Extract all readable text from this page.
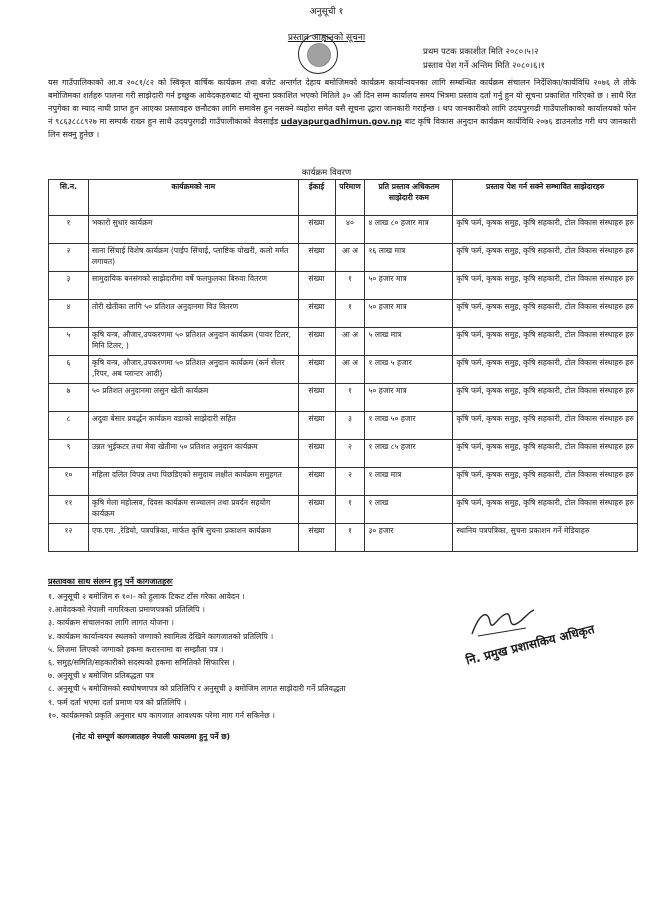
अनुसूची १
प्रस्ताव आह्वानको सूचना
प्रथम पटक प्रकाशीत मिति २०८०।५।२
प्रस्ताव पेश गर्ने अन्तिम मिति २०८०।६।१
यस गाउँपालिकाको आ.व २०८१/८२ को स्विकृत वार्षिक कार्यक्रम तथा बजेट अन्तर्गत देहाय बमोजिमको कार्यक्रम कार्यान्वयनका लागि सम्बन्धित कार्यक्रम संचालन निर्देशिका/कार्यविधि २०७६ ले तोके बमोजिमका शर्तहरु पालना गरी साझेदारी गर्न इच्छुक आवेदकहरुबाट यो सूचना प्रकाशित भएको मितिले ३० औं दिन सम्म कार्यालय समय भित्रमा प्रस्ताव दर्ता गर्नु हुन यो सूचना प्रकाशित गरिएको छ । साथै रित नपुगेका वा म्याद नाघी प्राप्त हुन आएका प्रस्तावहरु छनौटका लागि समावेस हुन नसक्ने व्यहोरा समेत यसै सूचना द्धारा जानकारी गराईन्छ । थप जानकारीको लागि उदयपुरगढी गाउँपालीकाको कार्यालयको फोन नं ९८६३८८८९२७ मा सम्पर्क राख्न हुन साथै उदयपुरगढी गाउँपालीकाको वेवसाईड udayapurgadhimun.gov.np बाट कृषि विकास अनुदान कार्यक्रम कार्यविधि २०७६ डाउनलोड गरी थप जानकारी लिन सक्नु हुनेछ ।
कार्यक्रम विवरण
सि.न.	कार्यक्रमको नाम	ईकाई	परिमाण	प्रति प्रस्ताव अधिकतम साझेदारी रकम	प्रस्ताव पेश गर्न सक्ने सम्भावित साझेदारहरु
१	भकारो सुधार कार्यक्रम	संख्या	४०	४ लाख ८० हजार मात्र	कृषि फर्म, कृषक समुह, कृषि सहकारी, टोल विकास संस्थाहरु हरु
२	साना सिंचाई विशेष कार्यक्रम (पाईप सिंचाई, प्लाष्टिक पोखरी, कलो मर्मत लगायत)	संख्या	आ अ	१६ लाख मात्र	कृषि फर्म, कृषक समुह, कृषि सहकारी, टोल विकास संस्थाहरु हरु
३	सामुदायिक बनसंगको साझेदारीमा वर्षे फलफुलका बिरुवा वितरण	संख्या	१	५० हजार मात्र	कृषि फर्म, कृषक समुह, कृषि सहकारी, टोल विकास संस्थाहरु हरु
४	तोरी खेतीका लागि ५० प्रतिशत अनुदानमा विउ वितरण	संख्या	१	५० हजार मात्र	कृषि फर्म, कृषक समुह, कृषि सहकारी, टोल विकास संस्थाहरु हरु
५	कृषि यन्त्र, औजार,उपकरणमा ५० प्रतिशत अनुदान कार्यक्रम (पावर टिलर, मिनि टिलर, )	संख्या	आ अ	५ लाख मात्र	कृषि फर्म, कृषक समुह, कृषि सहकारी, टोल विकास संस्थाहरु हरु
६	कृषि यन्त्र, औजार,उपकरणमा ५० प्रतिशत अनुदान कार्यक्रम (कर्न सेलर ,रिपर, अब प्लान्टर आदी)	संख्या	आ अ	१ लाख ५ हजार	कृषि फर्म, कृषक समुह, कृषि सहकारी, टोल विकास संस्थाहरु हरु
७	५० प्रतिशत अनुदानमा लसुन खेती कार्यक्रम	संख्या	१	५० हजार मात्र	कृषि फर्म, कृषक समुह, कृषि सहकारी, टोल विकास संस्थाहरु हरु
८	अदुवा बेसार प्रवर्द्धन कार्यक्रम वडाको साझेदारी सहित	संख्या	३	१ लाख ५० हजार	कृषि फर्म, कृषक समुह, कृषि सहकारी, टोल विकास संस्थाहरु हरु
९	उन्नत भुईकटर तथा मेवा खेतीमा ५० प्रतिशत अनुदान कार्यक्रम	संख्या	२	१ लाख ८५ हजार	कृषि फर्म, कृषक समुह, कृषि सहकारी, टोल विकास संस्थाहरु हरु
१०	महिला दलित विपन्न तथा पिछडिएको समुदाय लक्षीत कार्यक्रम समुहगत	संख्या	२	१ लाख मात्र	कृषि फर्म, कृषक समुह, कृषि सहकारी, टोल विकास संस्थाहरु हरु
११	कृषि मेला महोत्सव, दिवस कार्यक्रम सञ्चालन तथा प्रवर्दन सहयोग कार्यक्रम	संख्या	१	१ लाख	कृषि फर्म, कृषक समुह, कृषि सहकारी, टोल विकास संस्थाहरु हरु
१२	एफ.एम. ,रेडियो, पत्रपत्रिका, मार्फत कृषि सुचना प्रकाशन कार्यक्रम	संख्या	१	३० हजार	स्थानिय पत्रपत्रिका, सुचना प्रकाशन गर्ने मेडियाहरु
प्रस्तावका साथ संलग्न हुनु पर्ने कागजातहरुः
१. अनुसूची २ बमोजिम रु १०।- को हुलाक टिकट टाँस गरेका आवेदन ।
२.आवेदकको नेपाली नागरिकता प्रमाणपत्रको प्रतिलिपि ।
३. कार्यक्रम संचालनका लागि लागत योजना ।
४. कार्यक्रम कार्यान्वयन स्थलको जग्गाको स्वामित्व देखिने कागजातको प्रतिलिपि ।
५. लिजमा लिएको जग्गाको हकमा करारनामा वा सम्झौता पत्र ।
६. समुह/समिति/सहकारीको सदस्यको हकमा समितिको सिफारिस ।
७. अनुसूची ४ बमोजिम प्रतिबद्धता पत्र
८. अनुसूची ५ बमोजिमको स्वघोषणापत्र को प्रतिलिपि र अनुसूची ३ बमोजिम लागत साझेदारी गर्ने प्रतिवद्धता
९. फर्म दर्ता भएमा दर्ता प्रमाण पत्र को प्रतिलिपि ।
१०. कार्यक्रमको प्रकृति अनुसार थप कागजात आवश्यक परेमा माग गर्न सकिनेछ ।
(नोट यो सम्पूर्ण कागजातहरु नेपाली फायलमा हुनु पर्ने छ)
नि. प्रमुख प्रशासकिय अधिकृत
